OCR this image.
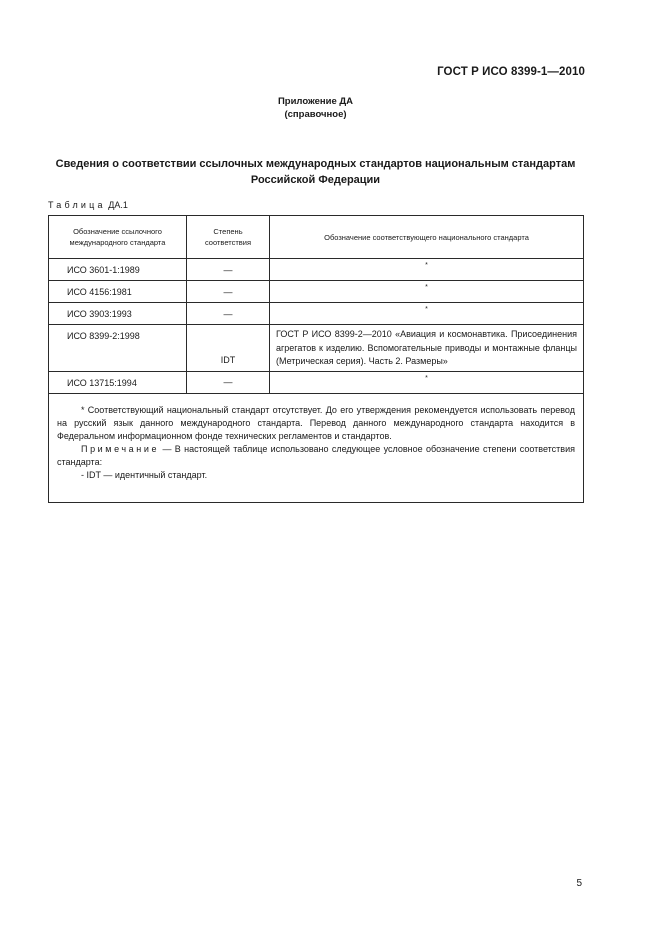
ГОСТ Р ИСО 8399-1—2010
Приложение ДА
(справочное)
Сведения о соответствии ссылочных международных стандартов национальным стандартам
Российской Федерации
Таблица ДА.1
Обозначение ссылочного международного стандарта	Степень соответствия	Обозначение соответствующего национального стандарта
ИСО 3601-1:1989	—	*
ИСО 4156:1981	—	*
ИСО 3903:1993	—	*
ИСО 8399-2:1998	IDT	ГОСТ Р ИСО 8399-2—2010 «Авиация и космонавтика. Присоединения агрегатов к изделию. Вспомогательные приводы и монтажные фланцы (Метрическая серия). Часть 2. Размеры»
ИСО 13715:1994	—	*

* Соответствующий национальный стандарт отсутствует. До его утверждения рекомендуется использовать перевод на русский язык данного международного стандарта. Перевод данного международного стандарта находится в Федеральном информационном фонде технических регламентов и стандартов.

Примечание — В настоящей таблице использовано следующее условное обозначение степени соответствия стандарта:

- IDT — идентичный стандарт.		

5
